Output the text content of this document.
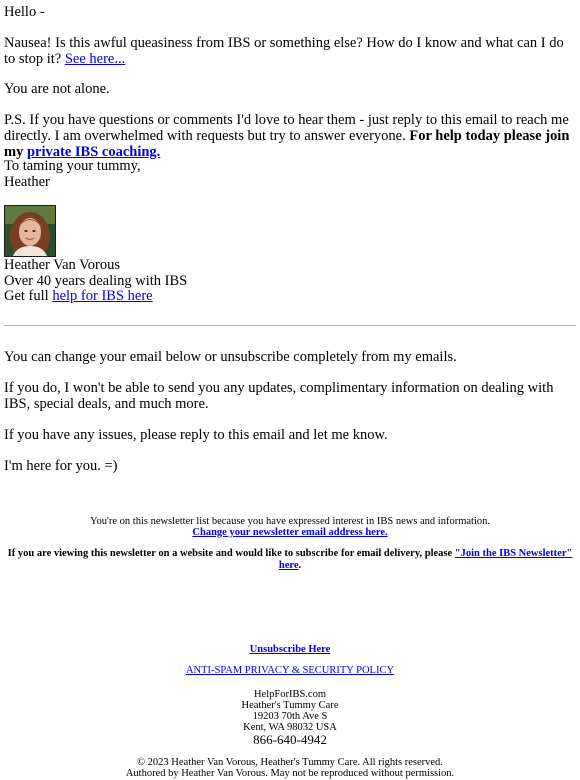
Hello -

Nausea! Is this awful queasiness from IBS or something else? How do I know and what can I do to stop it? See here...

You are not alone.

P.S. If you have questions or comments I'd love to hear them - just reply to this email to reach me directly. I am overwhelmed with requests but try to answer everyone. For help today please join my private IBS coaching.

To taming your tummy,

Heather

Heather Van Vorous

Over 40 years dealing with IBS

Get full help for IBS here

You can change your email below or unsubscribe completely from my emails.

If you do, I won't be able to send you any updates, complimentary information on dealing with IBS, special deals, and much more.

If you have any issues, please reply to this email and let me know.

I'm here for you. =)

You're on this newsletter list because you have expressed interest in IBS news and information.
Change your newsletter email address here.
If you are viewing this newsletter on a website and would like to subscribe for email delivery, please "Join the IBS Newsletter" here.
Unsubscribe Here
ANTI-SPAM PRIVACY & SECURITY POLICY
HelpForIBS.com
Heather's Tummy Care
19203 70th Ave S
Kent, WA 98032 USA
866-640-4942
© 2023 Heather Van Vorous, Heather's Tummy Care. All rights reserved.
Authored by Heather Van Vorous. May not be reproduced without permission.
